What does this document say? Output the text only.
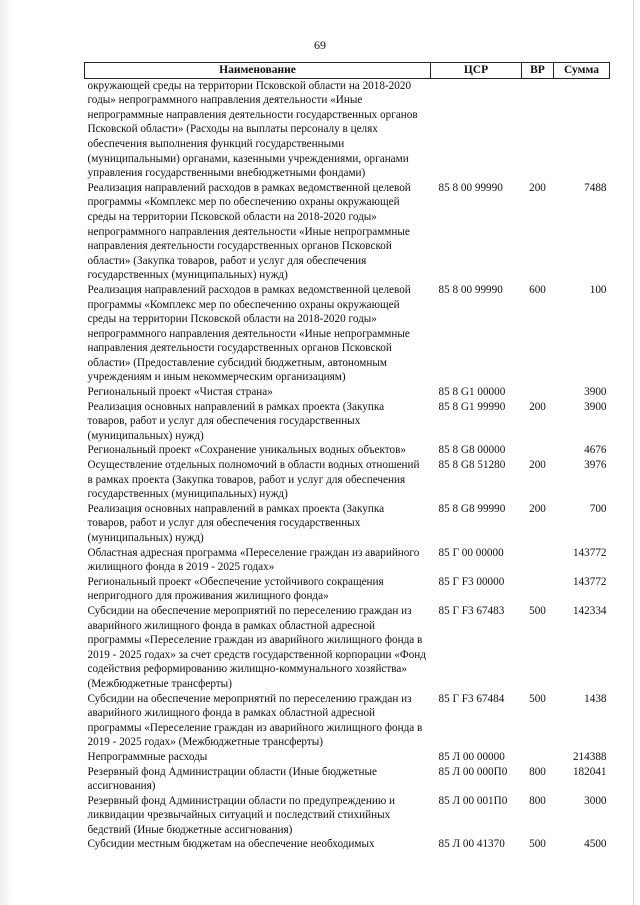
69
Наименование	ЦСР	ВР	Сумма
окружающей среды на территории Псковской области на 2018-2020 годы» непрограммного направления деятельности «Иные непрограммные направления деятельности государственных органов Псковской области» (Расходы на выплаты персоналу в целях обеспечения выполнения функций государственными (муниципальными) органами, казенными учреждениями, органами управления государственными внебюджетными фондами)			
Реализация направлений расходов в рамках ведомственной целевой программы «Комплекс мер по обеспечению охраны окружающей среды на территории Псковской области на 2018-2020 годы» непрограммного направления деятельности «Иные непрограммные направления деятельности государственных органов Псковской области» (Закупка товаров, работ и услуг для обеспечения государственных (муниципальных) нужд)	85 8 00 99990	200	7488
Реализация направлений расходов в рамках ведомственной целевой программы «Комплекс мер по обеспечению охраны окружающей среды на территории Псковской области на 2018-2020 годы» непрограммного направления деятельности «Иные непрограммные направления деятельности государственных органов Псковской области» (Предоставление субсидий бюджетным, автономным учреждениям и иным некоммерческим организациям)	85 8 00 99990	600	100
Региональный проект «Чистая страна»	85 8 G1 00000		3900
Реализация основных направлений в рамках проекта (Закупка товаров, работ и услуг для обеспечения государственных (муниципальных) нужд)	85 8 G1 99990	200	3900
Региональный проект «Сохранение уникальных водных объектов»	85 8 G8 00000		4676
Осуществление отдельных полномочий в области водных отношений в рамках проекта (Закупка товаров, работ и услуг для обеспечения государственных (муниципальных) нужд)	85 8 G8 51280	200	3976
Реализация основных направлений в рамках проекта (Закупка товаров, работ и услуг для обеспечения государственных (муниципальных) нужд)	85 8 G8 99990	200	700
Областная адресная программа «Переселение граждан из аварийного жилищного фонда в 2019 - 2025 годах»	85 Г 00 00000		143772
Региональный проект «Обеспечение устойчивого сокращения непригодного для проживания жилищного фонда»	85 Г F3 00000		143772
Субсидии на обеспечение мероприятий по переселению граждан из аварийного жилищного фонда в рамках областной адресной программы «Переселение граждан из аварийного жилищного фонда в 2019 - 2025 годах» за счет средств государственной корпорации «Фонд содействия реформированию жилищно-коммунального хозяйства» (Межбюджетные трансферты)	85 Г F3 67483	500	142334
Субсидии на обеспечение мероприятий по переселению граждан из аварийного жилищного фонда в рамках областной адресной программы «Переселение граждан из аварийного жилищного фонда в 2019 - 2025 годах» (Межбюджетные трансферты)	85 Г F3 67484	500	1438
Непрограммные расходы	85 Л 00 00000		214388
Резервный фонд Администрации области (Иные бюджетные ассигнования)	85 Л 00 000П0	800	182041
Резервный фонд Администрации области по предупреждению и ликвидации чрезвычайных ситуаций и последствий стихийных бедствий (Иные бюджетные ассигнования)	85 Л 00 001П0	800	3000
Субсидии местным бюджетам на обеспечение необходимых	85 Л 00 41370	500	4500
